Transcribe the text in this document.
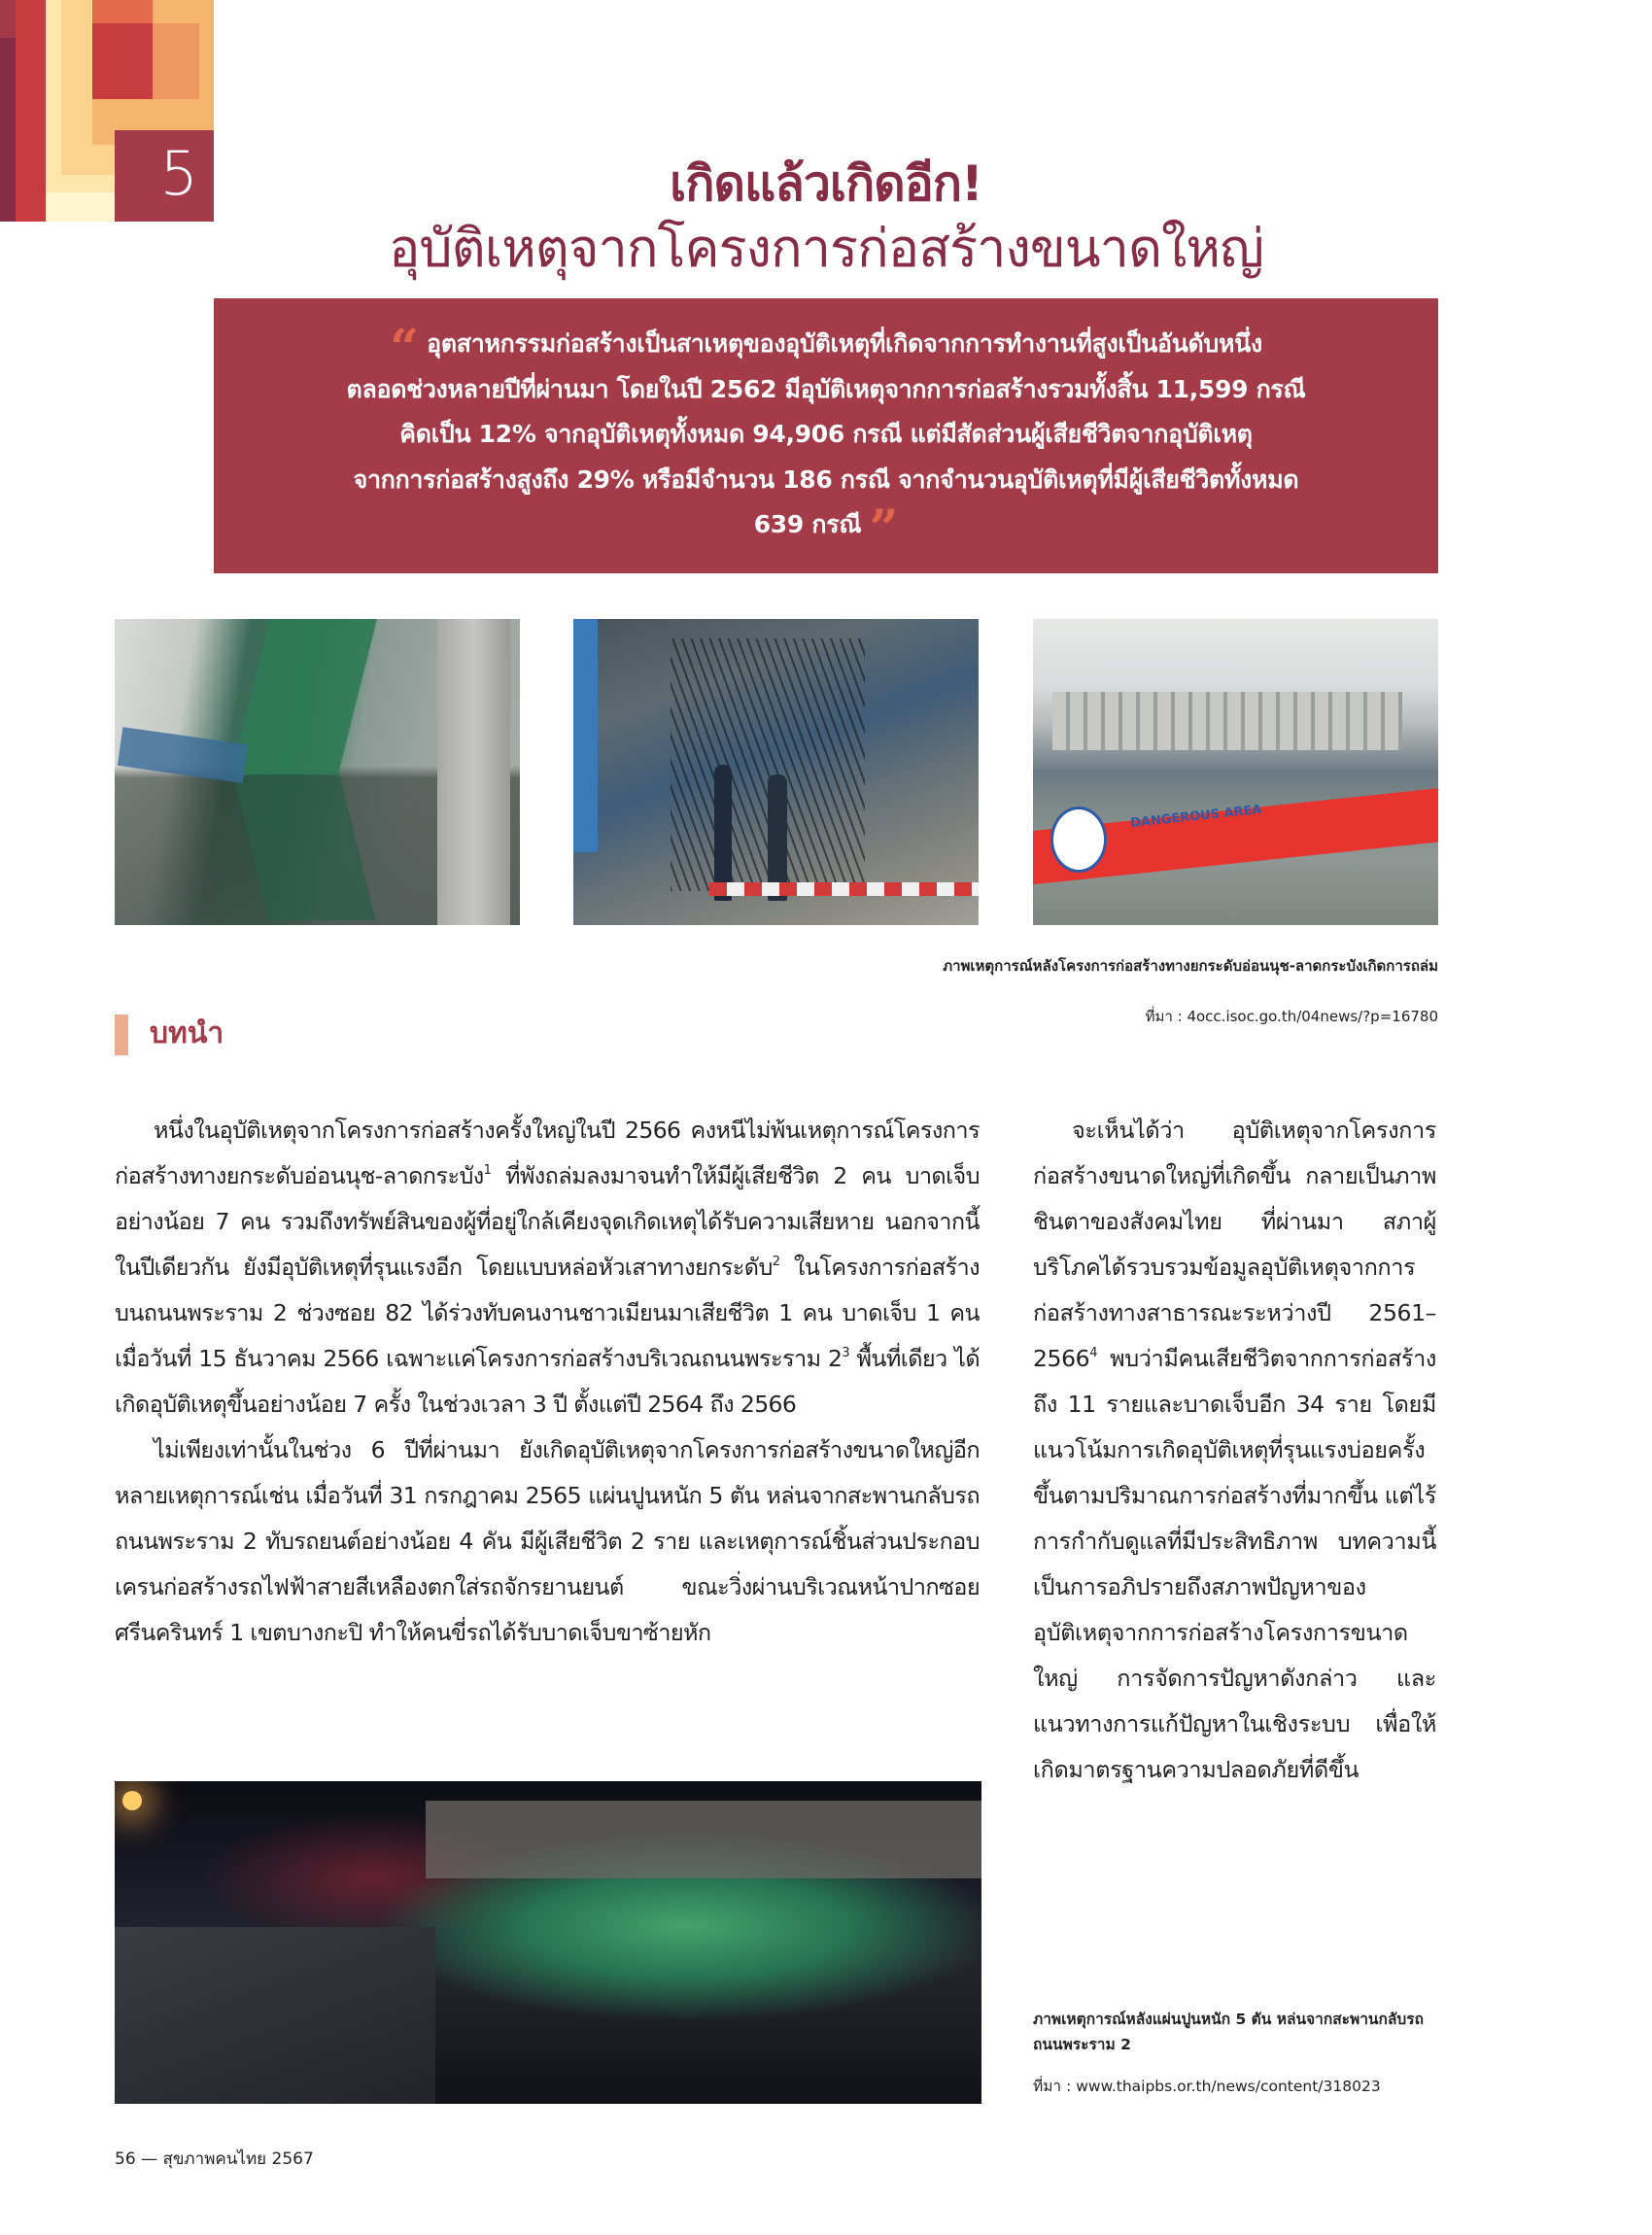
5	เกิดแล้วเกิดอีก!
อุบัติเหตุจากโครงการก่อสร้างขนาดใหญ่
“ อุตสาหกรรมก่อสร้างเป็นสาเหตุของอุบัติเหตุที่เกิดจากการทำงานที่สูงเป็นอันดับหนึ่ง
ตลอดช่วงหลายปีที่ผ่านมา โดยในปี 2562 มีอุบัติเหตุจากการก่อสร้างรวมทั้งสิ้น 11,599 กรณี
คิดเป็น 12% จากอุบัติเหตุทั้งหมด 94,906 กรณี แต่มีสัดส่วนผู้เสียชีวิตจากอุบัติเหตุ
จากการก่อสร้างสูงถึง 29% หรือมีจำนวน 186 กรณี จากจำนวนอุบัติเหตุที่มีผู้เสียชีวิตทั้งหมด
639 กรณี ”
DANGEROUS AREA
ภาพเหตุการณ์หลังโครงการก่อสร้างทางยกระดับอ่อนนุช-ลาดกระบังเกิดการถล่ม
ที่มา : 4occ.isoc.go.th/04news/?p=16780
บทนำ

หนึ่งในอุบัติเหตุจากโครงการก่อสร้างครั้งใหญ่ในปี 2566 คงหนีไม่พ้นเหตุการณ์โครงการก่อสร้างทางยกระดับอ่อนนุช-ลาดกระบัง$^1$ ที่พังถล่มลงมาจนทำให้มีผู้เสียชีวิต 2 คน บาดเจ็บอย่างน้อย 7 คน รวมถึงทรัพย์สินของผู้ที่อยู่ใกล้เคียงจุดเกิดเหตุได้รับความเสียหาย นอกจากนี้ ในปีเดียวกัน ยังมีอุบัติเหตุที่รุนแรงอีก โดยแบบหล่อหัวเสาทางยกระดับ$^2$ ในโครงการก่อสร้างบนถนนพระราม 2 ช่วงซอย 82 ได้ร่วงทับคนงานชาวเมียนมาเสียชีวิต 1 คน บาดเจ็บ 1 คน เมื่อวันที่ 15 ธันวาคม 2566 เฉพาะแค่โครงการก่อสร้างบริเวณถนนพระราม $2^3$ พื้นที่เดียว ได้เกิดอุบัติเหตุขึ้นอย่างน้อย 7 ครั้ง ในช่วงเวลา 3 ปี ตั้งแต่ปี 2564 ถึง 2566

ไม่เพียงเท่านั้นในช่วง 6 ปีที่ผ่านมา ยังเกิดอุบัติเหตุจากโครงการก่อสร้างขนาดใหญ่อีกหลายเหตุการณ์เช่น เมื่อวันที่ 31 กรกฎาคม 2565 แผ่นปูนหนัก 5 ตัน หล่นจากสะพานกลับรถถนนพระราม 2 ทับรถยนต์อย่างน้อย 4 คัน มีผู้เสียชีวิต 2 ราย และเหตุการณ์ชิ้นส่วนประกอบเครนก่อสร้างรถไฟฟ้าสายสีเหลืองตกใส่รถจักรยานยนต์ ขณะวิ่งผ่านบริเวณหน้าปากซอยศรีนครินทร์ 1 เขตบางกะปิ ทำให้คนขี่รถได้รับบาดเจ็บขาซ้ายหัก

จะเห็นได้ว่า อุบัติเหตุจากโครงการก่อสร้างขนาดใหญ่ที่เกิดขึ้น กลายเป็นภาพชินตาของสังคมไทย ที่ผ่านมา สภาผู้บริโภคได้รวบรวมข้อมูลอุบัติเหตุจากการก่อสร้างทางสาธารณะระหว่างปี 2561–2566$^4$ พบว่ามีคนเสียชีวิตจากการก่อสร้างถึง 11 รายและบาดเจ็บอีก 34 ราย โดยมีแนวโน้มการเกิดอุบัติเหตุที่รุนแรงบ่อยครั้งขึ้นตามปริมาณการก่อสร้างที่มากขึ้น แต่ไร้การกำกับดูแลที่มีประสิทธิภาพ บทความนี้เป็นการอภิปรายถึงสภาพปัญหาของอุบัติเหตุจากการก่อสร้างโครงการขนาดใหญ่ การจัดการปัญหาดังกล่าว และแนวทางการแก้ปัญหาในเชิงระบบ เพื่อให้เกิดมาตรฐานความปลอดภัยที่ดีขึ้น

ภาพเหตุการณ์หลังแผ่นปูนหนัก 5 ตัน หล่นจากสะพานกลับรถถนนพระราม 2
ที่มา : www.thaipbs.or.th/news/content/318023
56 — สุขภาพคนไทย 2567
